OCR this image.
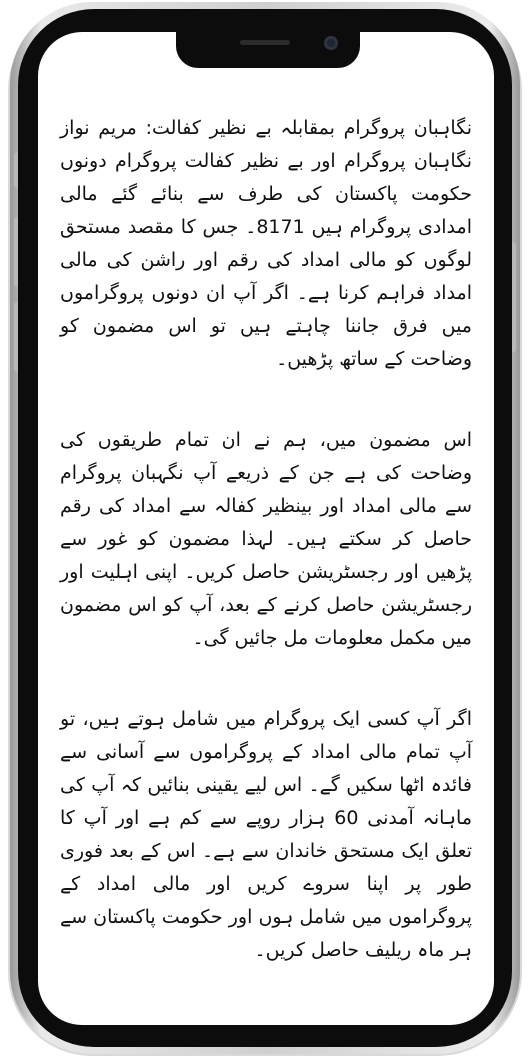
نگاہبان پروگرام بمقابلہ بے نظیر کفالت: مریم نواز نگاہبان پروگرام اور بے نظیر کفالت پروگرام دونوں حکومت پاکستان کی طرف سے بنائے گئے مالی امدادی پروگرام ہیں 8171۔ جس کا مقصد مستحق لوگوں کو مالی امداد کی رقم اور راشن کی مالی امداد فراہم کرنا ہے۔ اگر آپ ان دونوں پروگراموں میں فرق جاننا چاہتے ہیں تو اس مضمون کو وضاحت کے ساتھ پڑھیں۔

اس مضمون میں، ہم نے ان تمام طریقوں کی وضاحت کی ہے جن کے ذریعے آپ نگہبان پروگرام سے مالی امداد اور بینظیر کفالہ سے امداد کی رقم حاصل کر سکتے ہیں۔ لہذا مضمون کو غور سے پڑھیں اور رجسٹریشن حاصل کریں۔ اپنی اہلیت اور رجسٹریشن حاصل کرنے کے بعد، آپ کو اس مضمون میں مکمل معلومات مل جائیں گی۔

اگر آپ کسی ایک پروگرام میں شامل ہوتے ہیں، تو آپ تمام مالی امداد کے پروگراموں سے آسانی سے فائدہ اٹھا سکیں گے۔ اس لیے یقینی بنائیں کہ آپ کی ماہانہ آمدنی 60 ہزار روپے سے کم ہے اور آپ کا تعلق ایک مستحق خاندان سے ہے۔ اس کے بعد فوری طور پر اپنا سروے کریں اور مالی امداد کے پروگراموں میں شامل ہوں اور حکومت پاکستان سے ہر ماہ ریلیف حاصل کریں۔
